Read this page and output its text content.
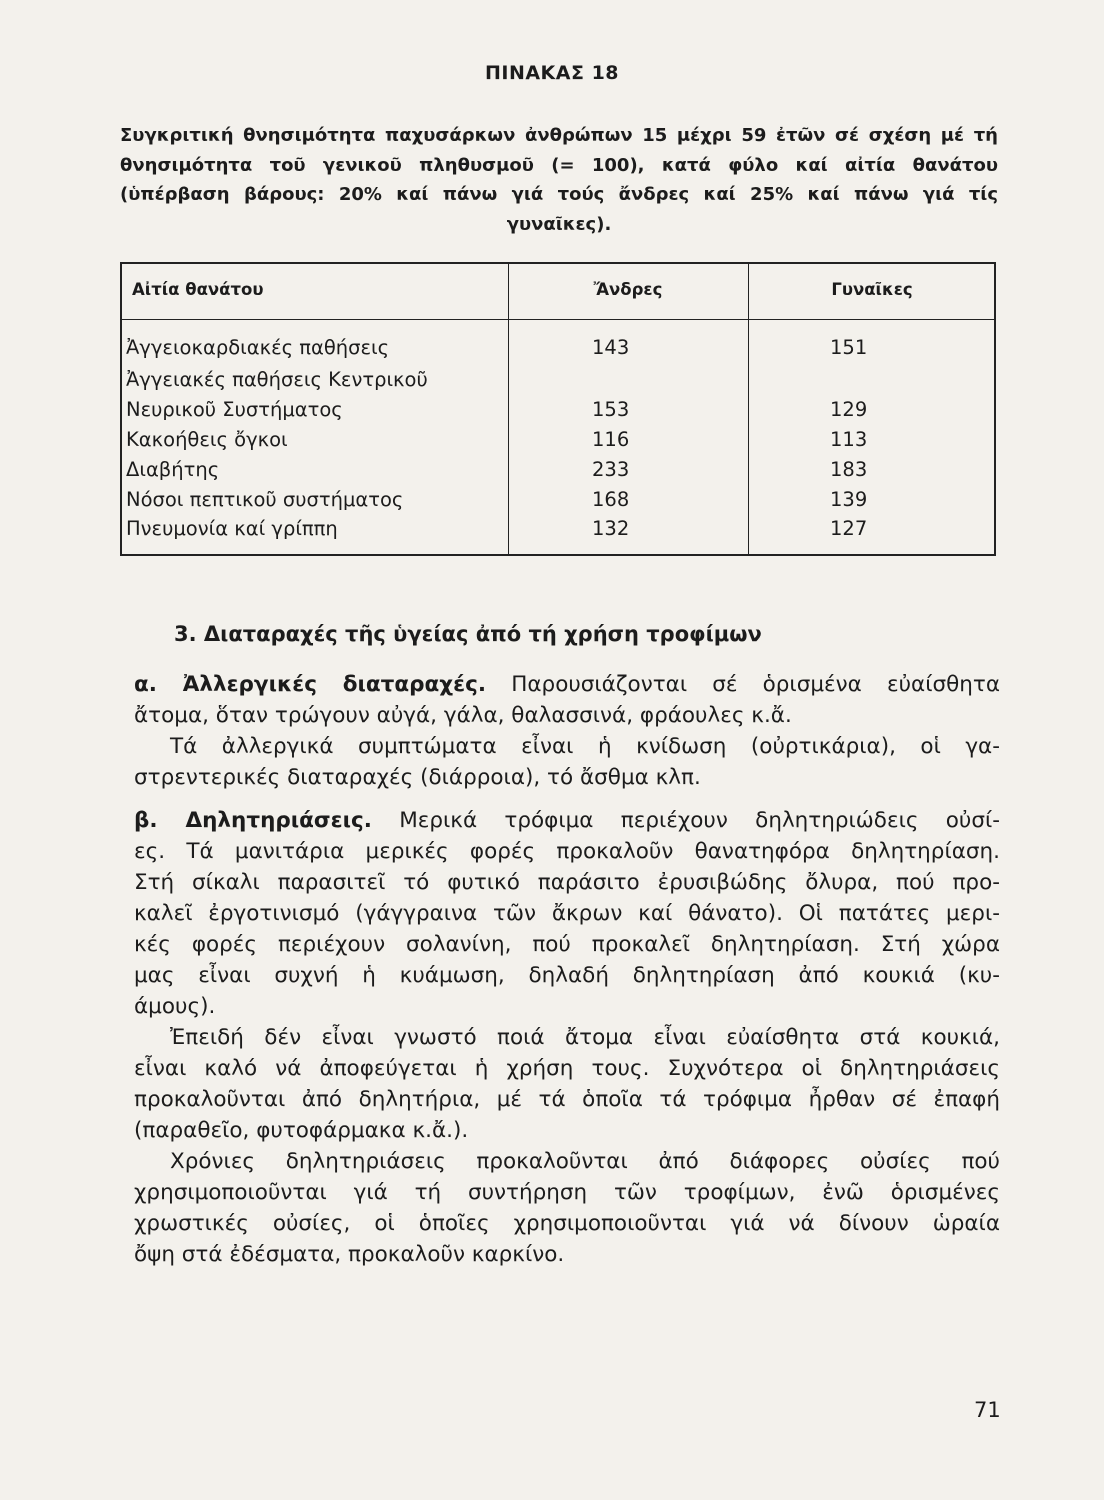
ΠΙΝΑΚΑΣ 18
Συγκριτική θνησιμότητα παχυσάρκων ἀνθρώπων 15 μέχρι 59 ἐτῶν σέ σχέση μέ τή
θνησιμότητα τοῦ γενικοῦ πληθυσμοῦ (= 100), κατά φύλο καί αἰτία θανάτου
(ὑπέρβαση βάρους: 20% καί πάνω γιά τούς ἄνδρες καί 25% καί πάνω γιά τίς
γυναῖκες).
Αἰτία θανάτου	Ἄνδρες	Γυναῖκες
Ἀγγειοκαρδιακές παθήσεις	143	151
Ἀγγειακές παθήσεις Κεντρικοῦ
Νευρικοῦ Συστήματος	153	129
Κακοήθεις ὄγκοι	116	113
Διαβήτης	233	183
Νόσοι πεπτικοῦ συστήματος	168	139
Πνευμονία καί γρίππη	132	127
3. Διαταραχές τῆς ὑγείας ἀπό τή χρήση τροφίμων
α. Ἀλλεργικές διαταραχές. Παρουσιάζονται σέ ὁρισμένα εὐαίσθητα
ἄτομα, ὅταν τρώγουν αὐγά, γάλα, θαλασσινά, φράουλες κ.ἄ.
Τά ἀλλεργικά συμπτώματα εἶναι ἡ κνίδωση (οὐρτικάρια), οἱ γα-
στρεντερικές διαταραχές (διάρροια), τό ἄσθμα κλπ.
β. Δηλητηριάσεις. Μερικά τρόφιμα περιέχουν δηλητηριώδεις οὐσί-
ες. Τά μανιτάρια μερικές φορές προκαλοῦν θανατηφόρα δηλητηρίαση.
Στή σίκαλι παρασιτεῖ τό φυτικό παράσιτο ἐρυσιβώδης ὄλυρα, πού προ-
καλεῖ ἐργοτινισμό (γάγγραινα τῶν ἄκρων καί θάνατο). Οἱ πατάτες μερι-
κές φορές περιέχουν σολανίνη, πού προκαλεῖ δηλητηρίαση. Στή χώρα
μας εἶναι συχνή ἡ κυάμωση, δηλαδή δηλητηρίαση ἀπό κουκιά (κυ-
άμους).
Ἐπειδή δέν εἶναι γνωστό ποιά ἄτομα εἶναι εὐαίσθητα στά κουκιά,
εἶναι καλό νά ἀποφεύγεται ἡ χρήση τους. Συχνότερα οἱ δηλητηριάσεις
προκαλοῦνται ἀπό δηλητήρια, μέ τά ὁποῖα τά τρόφιμα ἦρθαν σέ ἐπαφή
(παραθεῖο, φυτοφάρμακα κ.ἄ.).
Χρόνιες δηλητηριάσεις προκαλοῦνται ἀπό διάφορες οὐσίες πού
χρησιμοποιοῦνται γιά τή συντήρηση τῶν τροφίμων, ἐνῶ ὁρισμένες
χρωστικές οὐσίες, οἱ ὁποῖες χρησιμοποιοῦνται γιά νά δίνουν ὡραία
ὄψη στά ἐδέσματα, προκαλοῦν καρκίνο.
71
